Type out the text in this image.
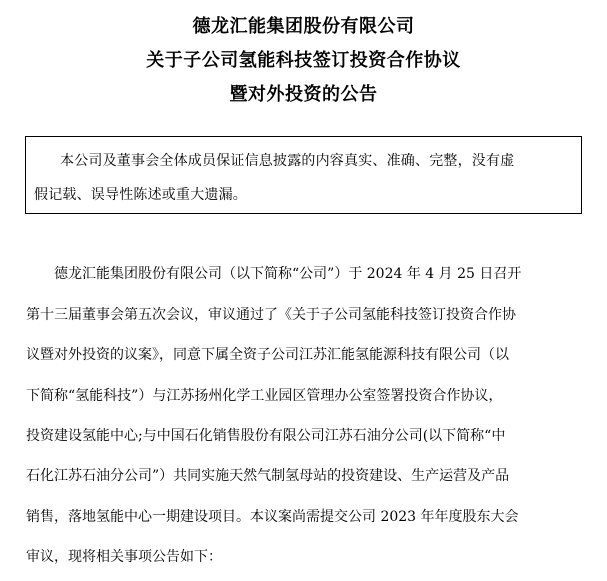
德龙汇能集团股份有限公司
关于子公司氢能科技签订投资合作协议
暨对外投资的公告
本公司及董事会全体成员保证信息披露的内容真实、准确、完整，没有虚
假记载、误导性陈述或重大遗漏。
德龙汇能集团股份有限公司（以下简称“公司”）于 2024 年 4 月 25 日召开
第十三届董事会第五次会议，审议通过了《关于子公司氢能科技签订投资合作协
议暨对外投资的议案》，同意下属全资子公司江苏汇能氢能源科技有限公司（以
下简称“氢能科技”）与江苏扬州化学工业园区管理办公室签署投资合作协议，
投资建设氢能中心;与中国石化销售股份有限公司江苏石油分公司(以下简称“中
石化江苏石油分公司”）共同实施天然气制氢母站的投资建设、生产运营及产品
销售，落地氢能中心一期建设项目。本议案尚需提交公司 2023 年年度股东大会
审议，现将相关事项公告如下：
